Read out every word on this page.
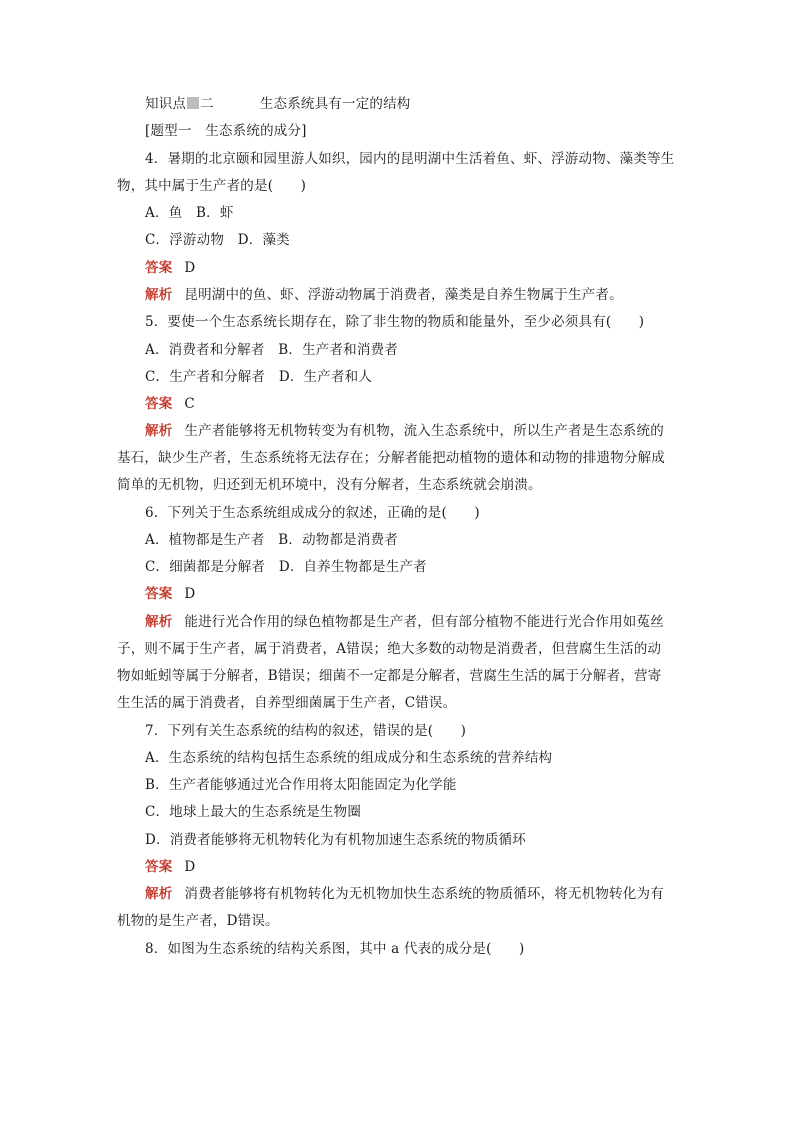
知识点 二	生态系统具有一定的结构
[题型一　生态系统的成分]
4．暑期的北京颐和园里游人如织，园内的昆明湖中生活着鱼、虾、浮游动物、藻类等生
物，其中属于生产者的是(　　)
A．鱼　B．虾
C．浮游动物　D．藻类
答案 D
解析 昆明湖中的鱼、虾、浮游动物属于消费者，藻类是自养生物属于生产者。
5．要使一个生态系统长期存在，除了非生物的物质和能量外，至少必须具有(　　)
A．消费者和分解者　B．生产者和消费者
C．生产者和分解者　D．生产者和人
答案 C
解析 生产者能够将无机物转变为有机物，流入生态系统中，所以生产者是生态系统的
基石，缺少生产者，生态系统将无法存在；分解者能把动植物的遗体和动物的排遗物分解成
简单的无机物，归还到无机环境中，没有分解者，生态系统就会崩溃。
6．下列关于生态系统组成成分的叙述，正确的是(　　)
A．植物都是生产者　B．动物都是消费者
C．细菌都是分解者　D．自养生物都是生产者
答案 D
解析 能进行光合作用的绿色植物都是生产者，但有部分植物不能进行光合作用如菟丝
子，则不属于生产者，属于消费者，A错误；绝大多数的动物是消费者，但营腐生生活的动
物如蚯蚓等属于分解者，B错误；细菌不一定都是分解者，营腐生生活的属于分解者，营寄
生生活的属于消费者，自养型细菌属于生产者，C错误。
7．下列有关生态系统的结构的叙述，错误的是(　　)
A．生态系统的结构包括生态系统的组成成分和生态系统的营养结构
B．生产者能够通过光合作用将太阳能固定为化学能
C．地球上最大的生态系统是生物圈
D．消费者能够将无机物转化为有机物加速生态系统的物质循环
答案 D
解析 消费者能够将有机物转化为无机物加快生态系统的物质循环，将无机物转化为有
机物的是生产者，D错误。
8．如图为生态系统的结构关系图，其中 a 代表的成分是(　　)
